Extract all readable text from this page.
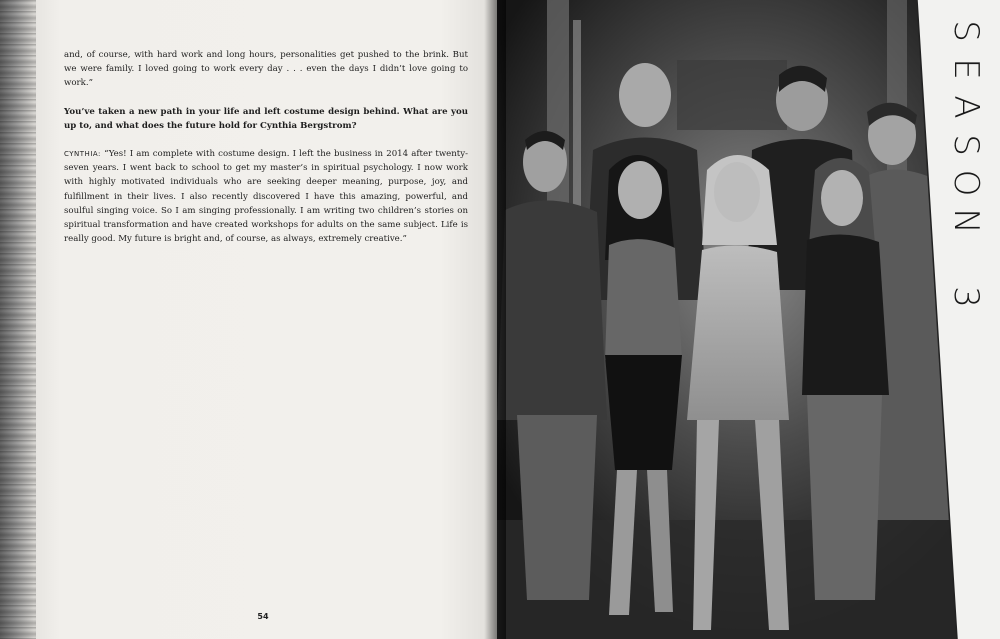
and, of course, with hard work and long hours, personalities get pushed to the brink. But we were family. I loved going to work every day . . . even the days I didn’t love going to work.”

You’ve taken a new path in your life and left costume design behind. What are you up to, and what does the future hold for Cynthia Bergstrom?

CYNTHIA: “Yes! I am complete with costume design. I left the business in 2014 after twenty-seven years. I went back to school to get my master’s in spiritual psychology. I now work with highly motivated individuals who are seeking deeper meaning, purpose, joy, and fulfillment in their lives. I also recently discovered I have this amazing, powerful, and soulful singing voice. So I am singing professionally. I am writing two children’s stories on spiritual transformation and have created workshops for adults on the same subject. Life is really good. My future is bright and, of course, as always, extremely creative.”

54
S
E
A
S
O
N
3
